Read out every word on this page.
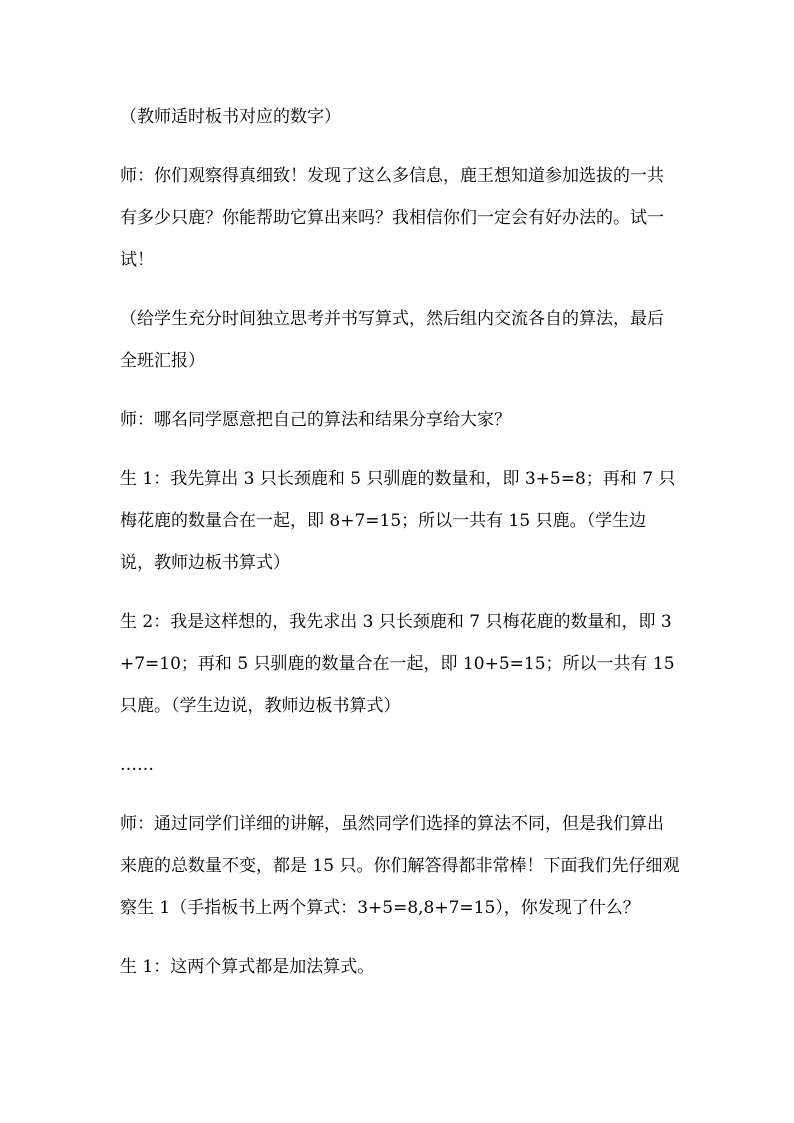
（教师适时板书对应的数字）

师：你们观察得真细致！发现了这么多信息，鹿王想知道参加选拔的一共有多少只鹿？你能帮助它算出来吗？我相信你们一定会有好办法的。试一试！

（给学生充分时间独立思考并书写算式，然后组内交流各自的算法，最后全班汇报）

师：哪名同学愿意把自己的算法和结果分享给大家？

生 1：我先算出 3 只长颈鹿和 5 只驯鹿的数量和，即 3+5=8；再和 7 只梅花鹿的数量合在一起，即 8+7=15；所以一共有 15 只鹿。（学生边说，教师边板书算式）

生 2：我是这样想的，我先求出 3 只长颈鹿和 7 只梅花鹿的数量和，即 3+7=10；再和 5 只驯鹿的数量合在一起，即 10+5=15；所以一共有 15 只鹿。（学生边说，教师边板书算式）

……

师：通过同学们详细的讲解，虽然同学们选择的算法不同，但是我们算出来鹿的总数量不变，都是 15 只。你们解答得都非常棒！下面我们先仔细观察生 1（手指板书上两个算式：3+5=8,8+7=15），你发现了什么？

生 1：这两个算式都是加法算式。
